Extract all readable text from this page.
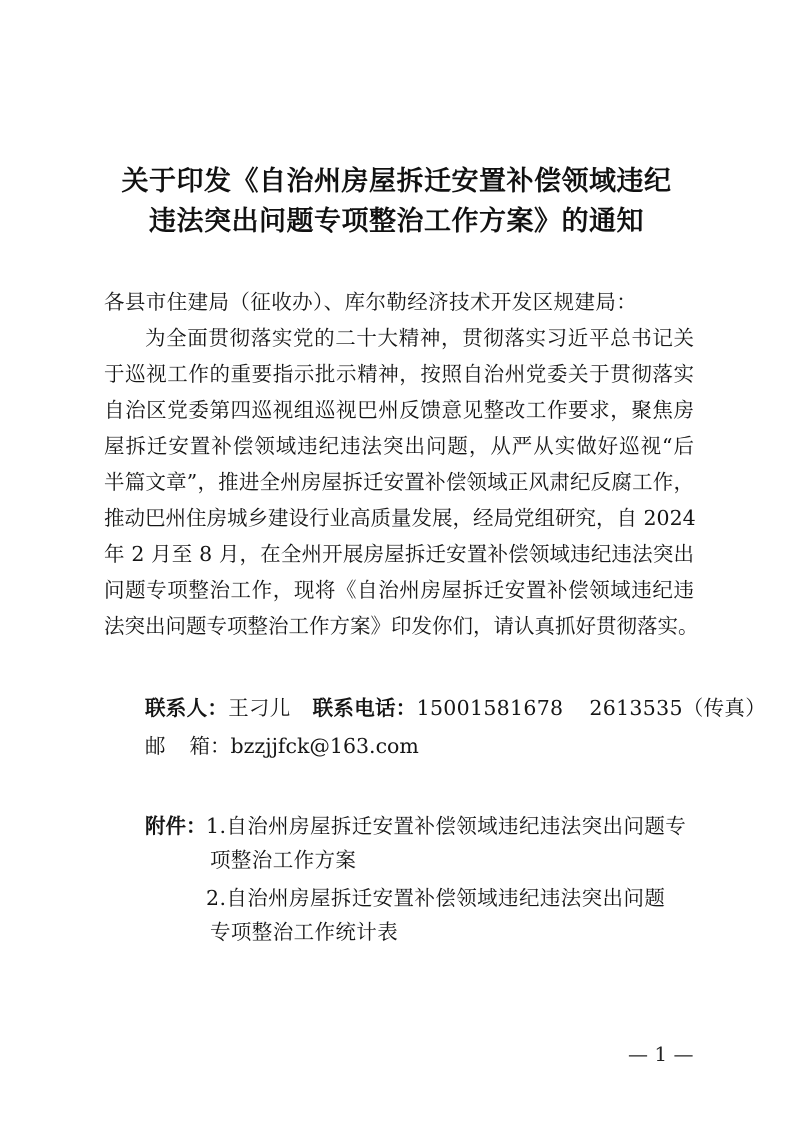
关于印发《自治州房屋拆迁安置补偿领域违纪
违法突出问题专项整治工作方案》的通知
各县市住建局（征收办）、库尔勒经济技术开发区规建局：
为全面贯彻落实党的二十大精神，贯彻落实习近平总书记关
于巡视工作的重要指示批示精神，按照自治州党委关于贯彻落实
自治区党委第四巡视组巡视巴州反馈意见整改工作要求，聚焦房
屋拆迁安置补偿领域违纪违法突出问题，从严从实做好巡视“后
半篇文章”，推进全州房屋拆迁安置补偿领域正风肃纪反腐工作，
推动巴州住房城乡建设行业高质量发展，经局党组研究，自 2024
年 2 月至 8 月，在全州开展房屋拆迁安置补偿领域违纪违法突出
问题专项整治工作，现将《自治州房屋拆迁安置补偿领域违纪违
法突出问题专项整治工作方案》印发你们，请认真抓好贯彻落实。
联系人：王刁儿 联系电话：15001581678 2613535（传真）
邮 箱：bzzjjfck@163.com
附件： 1.自治州房屋拆迁安置补偿领域违纪违法突出问题专
项整治工作方案
2.自治州房屋拆迁安置补偿领域违纪违法突出问题
专项整治工作统计表
— 1 —
